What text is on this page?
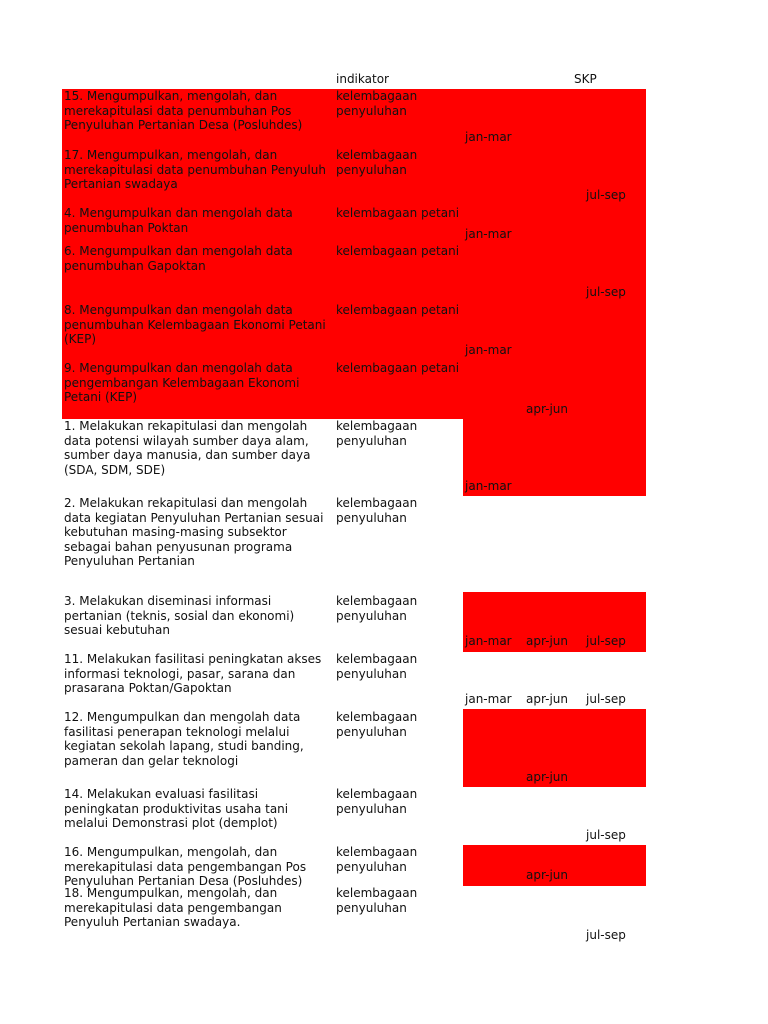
indikator	SKP
15. Mengumpulkan, mengolah, dan merekapitulasi data penumbuhan Pos Penyuluhan Pertanian Desa (Posluhdes)
kelembagaan penyuluhan
17. Mengumpulkan, mengolah, dan merekapitulasi data penumbuhan Penyuluh Pertanian swadaya
kelembagaan penyuluhan
4. Mengumpulkan dan mengolah data penumbuhan Poktan
kelembagaan petani
6. Mengumpulkan dan mengolah data penumbuhan Gapoktan
kelembagaan petani
8. Mengumpulkan dan mengolah data penumbuhan Kelembagaan Ekonomi Petani (KEP)
kelembagaan petani
9. Mengumpulkan dan mengolah data pengembangan Kelembagaan Ekonomi Petani (KEP)
kelembagaan petani
1. Melakukan rekapitulasi dan mengolah data potensi wilayah sumber daya alam, sumber daya manusia, dan sumber daya (SDA, SDM, SDE)
kelembagaan penyuluhan
2. Melakukan rekapitulasi dan mengolah data kegiatan Penyuluhan Pertanian sesuai kebutuhan masing-masing subsektor sebagai bahan penyusunan programa Penyuluhan Pertanian
kelembagaan penyuluhan
3. Melakukan diseminasi informasi pertanian (teknis, sosial dan ekonomi) sesuai kebutuhan
kelembagaan penyuluhan
11. Melakukan fasilitasi peningkatan akses informasi teknologi, pasar, sarana dan prasarana Poktan/Gapoktan
kelembagaan penyuluhan
12. Mengumpulkan dan mengolah data fasilitasi penerapan teknologi melalui kegiatan sekolah lapang, studi banding, pameran dan gelar teknologi
kelembagaan penyuluhan
14. Melakukan evaluasi fasilitasi peningkatan produktivitas usaha tani melalui Demonstrasi plot (demplot)
kelembagaan penyuluhan
16. Mengumpulkan, mengolah, dan merekapitulasi data pengembangan Pos Penyuluhan Pertanian Desa (Posluhdes)
kelembagaan penyuluhan
18. Mengumpulkan, mengolah, dan merekapitulasi data pengembangan Penyuluh Pertanian swadaya.
kelembagaan penyuluhan
jan-mar
jul-sep
jan-mar
jul-sep
jan-mar
apr-jun
jan-mar
jan-mar apr-jun jul-sep
jan-mar apr-jun jul-sep
apr-jun
jul-sep
apr-jun
jul-sep
